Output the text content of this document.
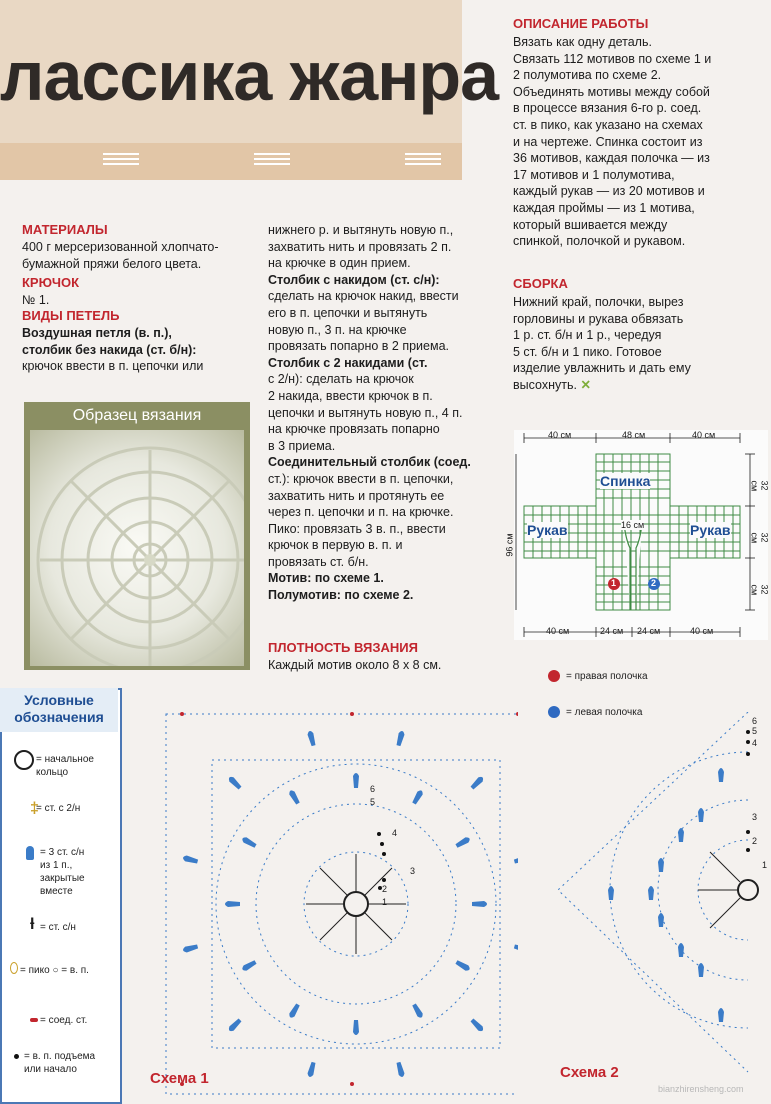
лассика жанра
ОПИСАНИЕ РАБОТЫ
Вязать как одну деталь.
Связать 112 мотивов по схеме 1 и
2 полумотива по схеме 2.
Объединять мотивы между собой
в процессе вязания 6-го р. соед.
ст. в пико, как указано на схемах
и на чертеже. Спинка состоит из
36 мотивов, каждая полочка — из
17 мотивов и 1 полумотива,
каждый рукав — из 20 мотивов и
каждая проймы — из 1 мотива,
который вшивается между
спинкой, полочкой и рукавом.
СБОРКА
Нижний край, полочки, вырез
горловины и рукава обвязать
1 р. ст. б/н и 1 р., чередуя
5 ст. б/н и 1 пико. Готовое
изделие увлажнить и дать ему
высохнуть. ✕
МАТЕРИАЛЫ
400 г мерсеризованной хлопчато-
бумажной пряжи белого цвета.
КРЮЧОК
№ 1.
ВИДЫ ПЕТЕЛЬ
Воздушная петля (в. п.),
столбик без накида (ст. б/н):
крючок ввести в п. цепочки или
нижнего р. и вытянуть новую п.,
захватить нить и провязать 2 п.
на крючке в один прием.
Столбик с накидом (ст. с/н):
сделать на крючок накид, ввести
его в п. цепочки и вытянуть
новую п., 3 п. на крючке
провязать попарно в 2 приема.
Столбик с 2 накидами (ст.
с 2/н): сделать на крючок
2 накида, ввести крючок в п.
цепочки и вытянуть новую п., 4 п.
на крючке провязать попарно
в 3 приема.
Соединительный столбик (соед.
ст.): крючок ввести в п. цепочки,
захватить нить и протянуть ее
через п. цепочки и п. на крючке.
Пико: провязать 3 в. п., ввести
крючок в первую в. п. и
провязать ст. б/н.
Мотив: по схеме 1.
Полумотив: по схеме 2.
ПЛОТНОСТЬ ВЯЗАНИЯ
Каждый мотив около 8 x 8 см.
Образец вязания
40 см	48 см	40 см
40 см	24 см 24 см	40 см
96 см
32 см
32 см
32 см
Спинка
Рукав	Рукав
16 см
1	2
= правая полочка
= левая полочка
Условные
обозначения
= начальное
кольцо
‡
= ст. с 2/н
= 3 ст. с/н
из 1 п.,
закрытые
вместе
ƚ = ст. с/н
= пико ○ = в. п.
= соед. ст.
= в. п. подъема
или начало
6
5
4
3
2
1
Схема 1
6
5
4
3
2
1
Схема 2
bianzhirensheng.com
